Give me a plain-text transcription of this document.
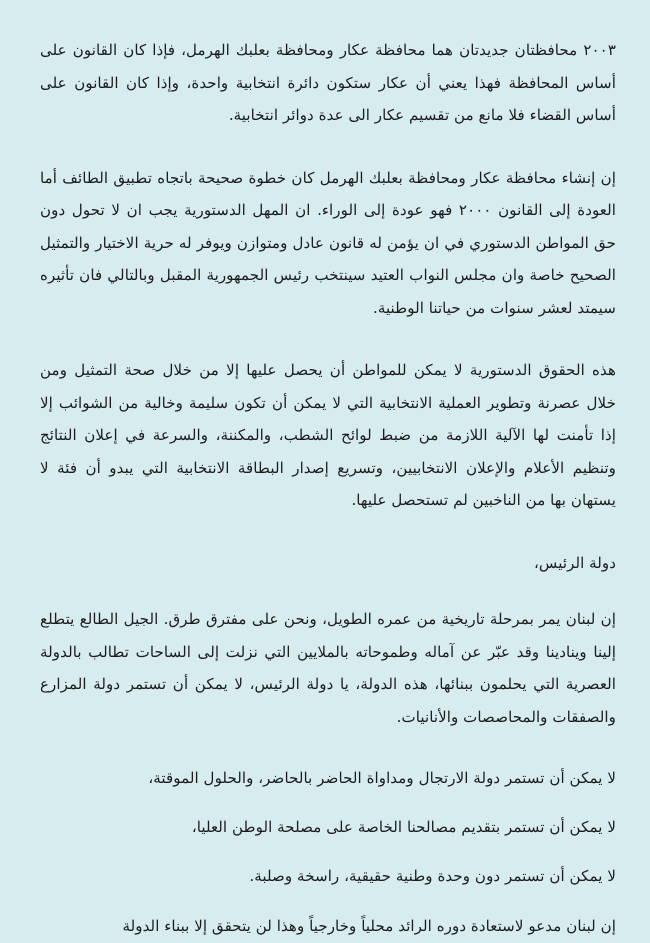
٢٠٠٣ محافظتان جديدتان هما محافظة عكار ومحافظة بعلبك الهرمل، فإذا كان القانون على أساس المحافظة فهذا يعني أن عكار ستكون دائرة انتخابية واحدة، وإذا كان القانون على أساس القضاء فلا مانع من تقسيم عكار الى عدة دوائر انتخابية.

إن إنشاء محافظة عكار ومحافظة بعلبك الهرمل كان خطوة صحيحة باتجاه تطبيق الطائف أما العودة إلى القانون ٢٠٠٠ فهو عودة إلى الوراء. ان المهل الدستورية يجب ان لا تحول دون حق المواطن الدستوري في ان يؤمن له قانون عادل ومتوازن ويوفر له حرية الاختيار والتمثيل الصحيح خاصة وان مجلس النواب العتيد سينتخب رئيس الجمهورية المقبل وبالتالي فان تأثيره سيمتد لعشر سنوات من حياتنا الوطنية.

هذه الحقوق الدستورية لا يمكن للمواطن أن يحصل عليها إلا من خلال صحة التمثيل ومن خلال عصرنة وتطوير العملية الانتخابية التي لا يمكن أن تكون سليمة وخالية من الشوائب إلا إذا تأمنت لها الآلية اللازمة من ضبط لوائح الشطب، والمكننة، والسرعة في إعلان النتائج وتنظيم الأعلام والإعلان الانتخابيين، وتسريع إصدار البطاقة الانتخابية التي يبدو أن فئة لا يستهان بها من الناخبين لم تستحصل عليها.

دولة الرئيس،

إن لبنان يمر بمرحلة تاريخية من عمره الطويل، ونحن على مفترق طرق. الجيل الطالع يتطلع إلينا وينادينا وقد عبّر عن آماله وطموحاته بالملايين التي نزلت إلى الساحات تطالب بالدولة العصرية التي يحلمون ببنائها، هذه الدولة، يا دولة الرئيس، لا يمكن أن تستمر دولة المزارع والصفقات والمحاصصات والأنانيات.

لا يمكن أن تستمر دولة الارتجال ومداواة الحاضر بالحاضر، والحلول الموقتة،

لا يمكن أن تستمر بتقديم مصالحنا الخاصة على مصلحة الوطن العليا،

لا يمكن أن تستمر دون وحدة وطنية حقيقية، راسخة وصلبة.

إن لبنان مدعو لاستعادة دوره الرائد محلياً وخارجياً وهذا لن يتحقق إلا ببناء الدولة
